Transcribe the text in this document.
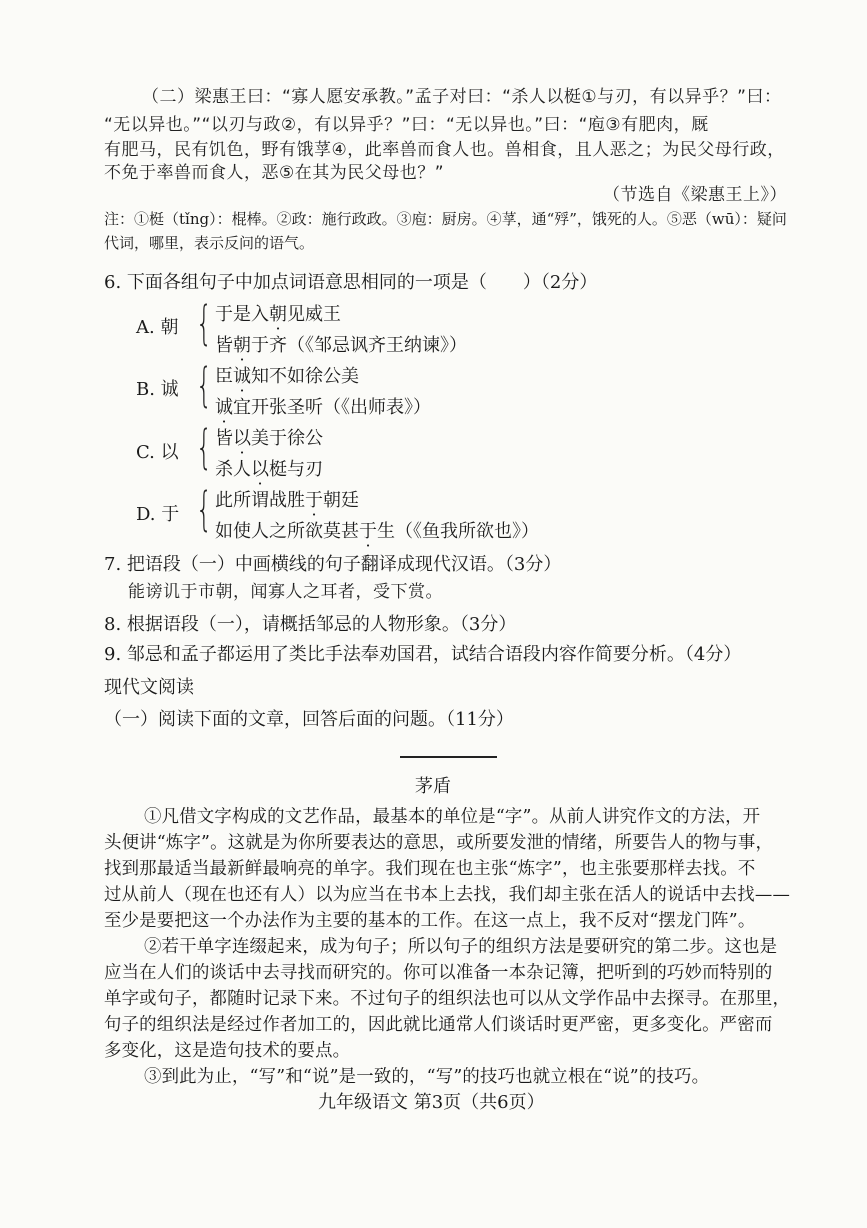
（二）梁惠王曰：“寡人愿安承教。”孟子对曰：“杀人以梃①与刃，有以异乎？”曰：
“无以异也。”“以刃与政②，有以异乎？”曰：“无以异也。”曰：“庖③有肥肉，厩
有肥马，民有饥色，野有饿莩④，此率兽而食人也。兽相食，且人恶之；为民父母行政，
不免于率兽而食人，恶⑤在其为民父母也？”
（节选自《梁惠王上》）
注：①梃（tǐng）：棍棒。②政：施行政政。③庖：厨房。④莩，通“殍”，饿死的人。⑤恶（wū）：疑问
代词，哪里，表示反问的语气。
6. 下面各组句子中加点词语意思相同的一项是（　　）（2分）
A. 朝 { 于是入朝见威王
皆朝于齐（《邹忌讽齐王纳谏》）
B. 诚 { 臣诚知不如徐公美
诚宜开张圣听（《出师表》）
C. 以 { 皆以美于徐公
杀人以梃与刃
D. 于 { 此所谓战胜于朝廷
如使人之所欲莫甚于生（《鱼我所欲也》）
7. 把语段（一）中画横线的句子翻译成现代汉语。（3分）
能谤讥于市朝，闻寡人之耳者，受下赏。
8. 根据语段（一），请概括邹忌的人物形象。（3分）
9. 邹忌和孟子都运用了类比手法奉劝国君，试结合语段内容作简要分析。（4分）
现代文阅读
（一）阅读下面的文章，回答后面的问题。（11分）
茅盾
①凡借文字构成的文艺作品，最基本的单位是“字”。从前人讲究作文的方法，开
头便讲“炼字”。这就是为你所要表达的意思，或所要发泄的情绪，所要告人的物与事，
找到那最适当最新鲜最响亮的单字。我们现在也主张“炼字”，也主张要那样去找。不
过从前人（现在也还有人）以为应当在书本上去找，我们却主张在活人的说话中去找——
至少是要把这一个办法作为主要的基本的工作。在这一点上，我不反对“摆龙门阵”。
②若干单字连缀起来，成为句子；所以句子的组织方法是要研究的第二步。这也是
应当在人们的谈话中去寻找而研究的。你可以准备一本杂记簿，把听到的巧妙而特别的
单字或句子，都随时记录下来。不过句子的组织法也可以从文学作品中去探寻。在那里，
句子的组织法是经过作者加工的，因此就比通常人们谈话时更严密，更多变化。严密而
多变化，这是造句技术的要点。
③到此为止，“写”和“说”是一致的，“写”的技巧也就立根在“说”的技巧。
九年级语文 第3页（共6页）
